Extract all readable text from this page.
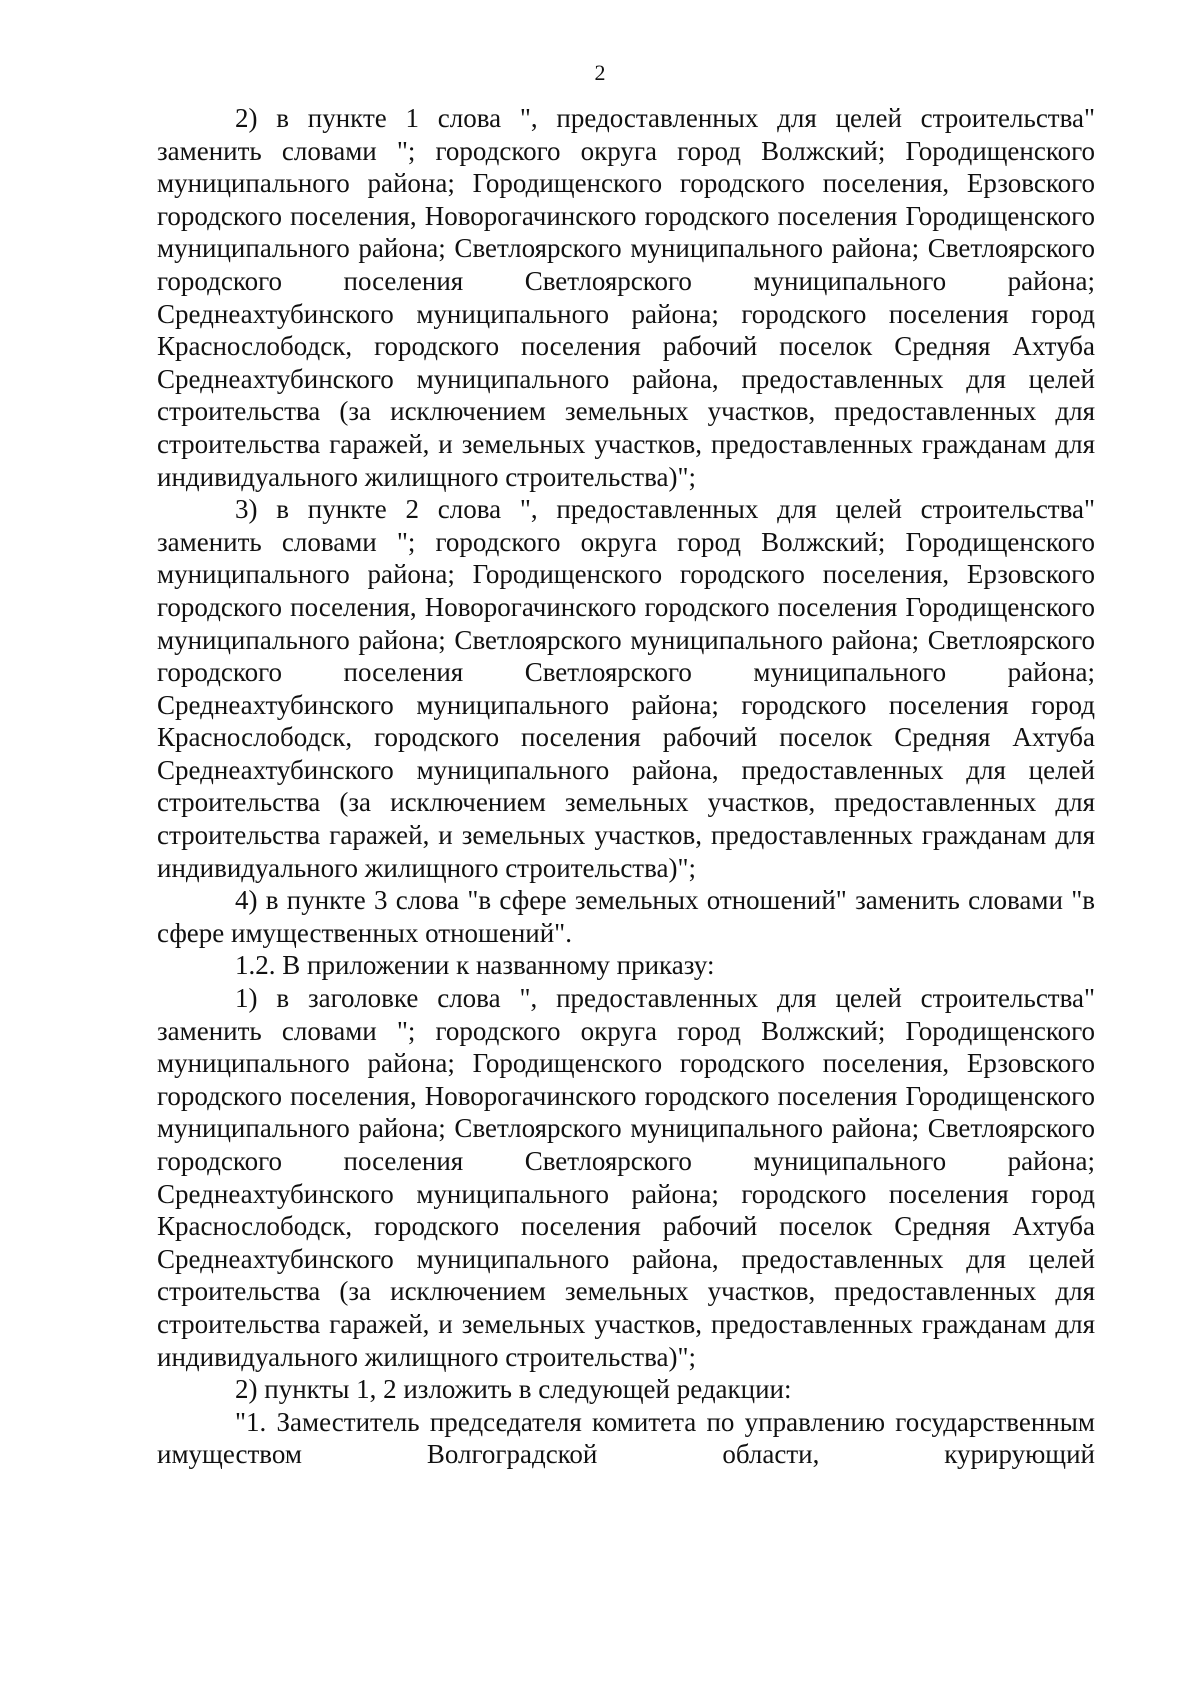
2

2) в пункте 1 слова ", предоставленных для целей строительства" заменить словами "; городского округа город Волжский; Городищенского муниципального района; Городищенского городского поселения, Ерзовского городского поселения, Новорогачинского городского поселения Городищенского муниципального района; Светлоярского муниципального района; Светлоярского городского поселения Светлоярского муниципального района; Среднеахтубинского муниципального района; городского поселения город Краснослободск, городского поселения рабочий поселок Средняя Ахтуба Среднеахтубинского муниципального района, предоставленных для целей строительства (за исключением земельных участков, предоставленных для строительства гаражей, и земельных участков, предоставленных гражданам для индивидуального жилищного строительства)";

3) в пункте 2 слова ", предоставленных для целей строительства" заменить словами "; городского округа город Волжский; Городищенского муниципального района; Городищенского городского поселения, Ерзовского городского поселения, Новорогачинского городского поселения Городищенского муниципального района; Светлоярского муниципального района; Светлоярского городского поселения Светлоярского муниципального района; Среднеахтубинского муниципального района; городского поселения город Краснослободск, городского поселения рабочий поселок Средняя Ахтуба Среднеахтубинского муниципального района, предоставленных для целей строительства (за исключением земельных участков, предоставленных для строительства гаражей, и земельных участков, предоставленных гражданам для индивидуального жилищного строительства)";

4) в пункте 3 слова "в сфере земельных отношений" заменить словами "в сфере имущественных отношений".

1.2. В приложении к названному приказу:

1) в заголовке слова ", предоставленных для целей строительства" заменить словами "; городского округа город Волжский; Городищенского муниципального района; Городищенского городского поселения, Ерзовского городского поселения, Новорогачинского городского поселения Городищенского муниципального района; Светлоярского муниципального района; Светлоярского городского поселения Светлоярского муниципального района; Среднеахтубинского муниципального района; городского поселения город Краснослободск, городского поселения рабочий поселок Средняя Ахтуба Среднеахтубинского муниципального района, предоставленных для целей строительства (за исключением земельных участков, предоставленных для строительства гаражей, и земельных участков, предоставленных гражданам для индивидуального жилищного строительства)";

2) пункты 1, 2 изложить в следующей редакции:

"1. Заместитель председателя комитета по управлению государственным имуществом Волгоградской области, курирующий
